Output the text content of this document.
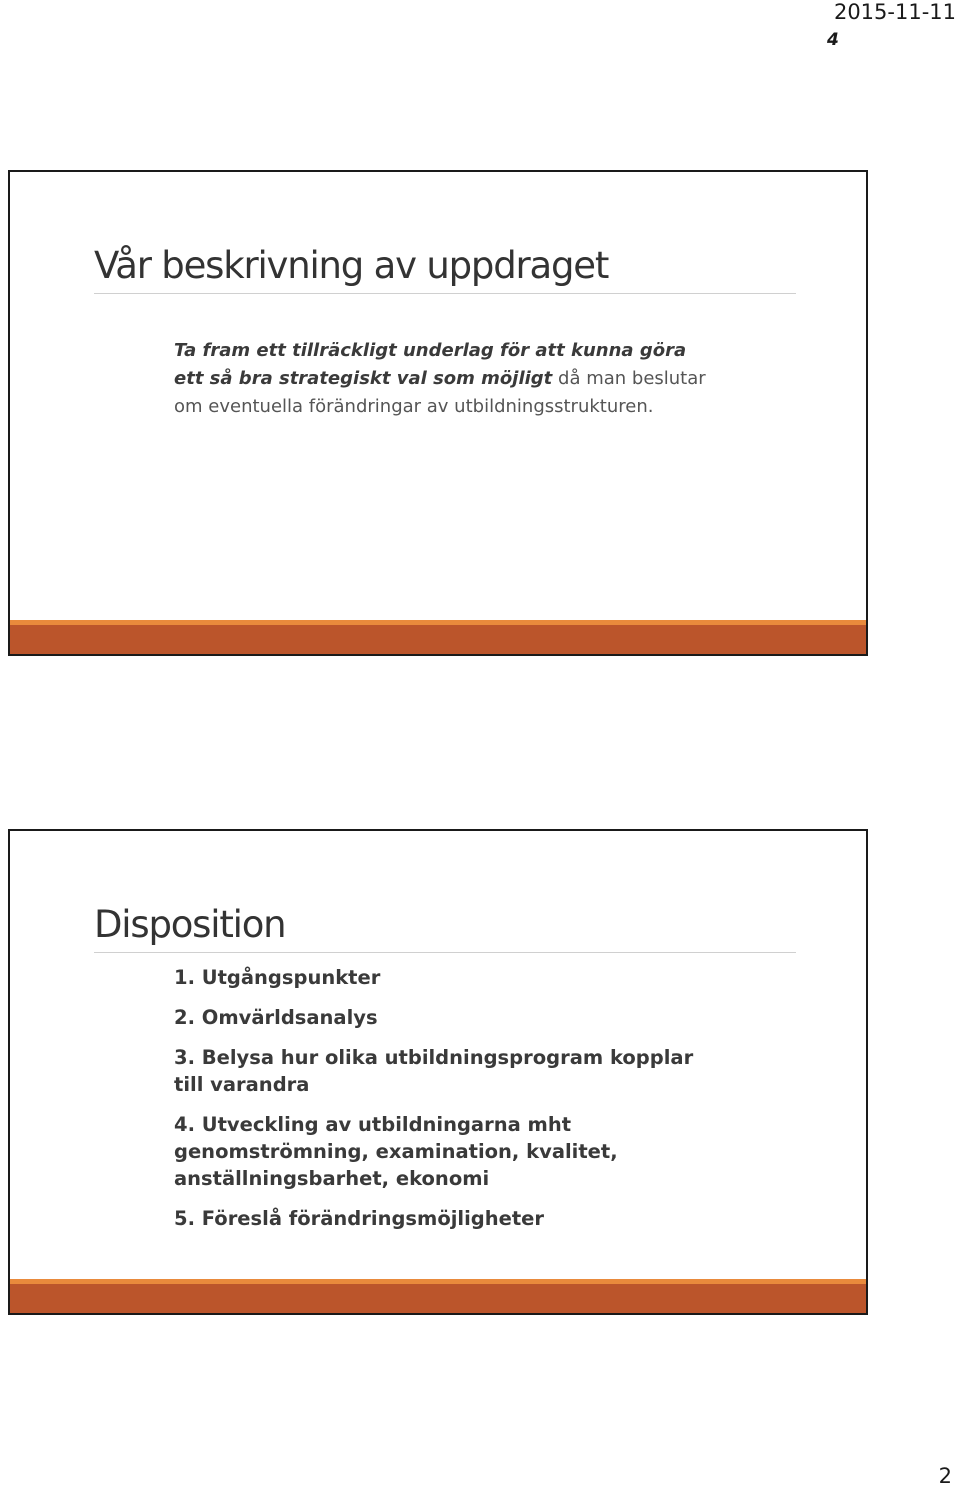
2015-11-11
4
Vår beskrivning av uppdraget
Ta fram ett tillräckligt underlag för att kunna göra ett så bra strategiskt val som möjligt då man beslutar om eventuella förändringar av utbildningsstrukturen.
Disposition
1. Utgångspunkter
2. Omvärldsanalys
3. Belysa hur olika utbildningsprogram kopplar till varandra
4. Utveckling av utbildningarna mht genomströmning, examination, kvalitet, anställningsbarhet, ekonomi
5. Föreslå förändringsmöjligheter
2
